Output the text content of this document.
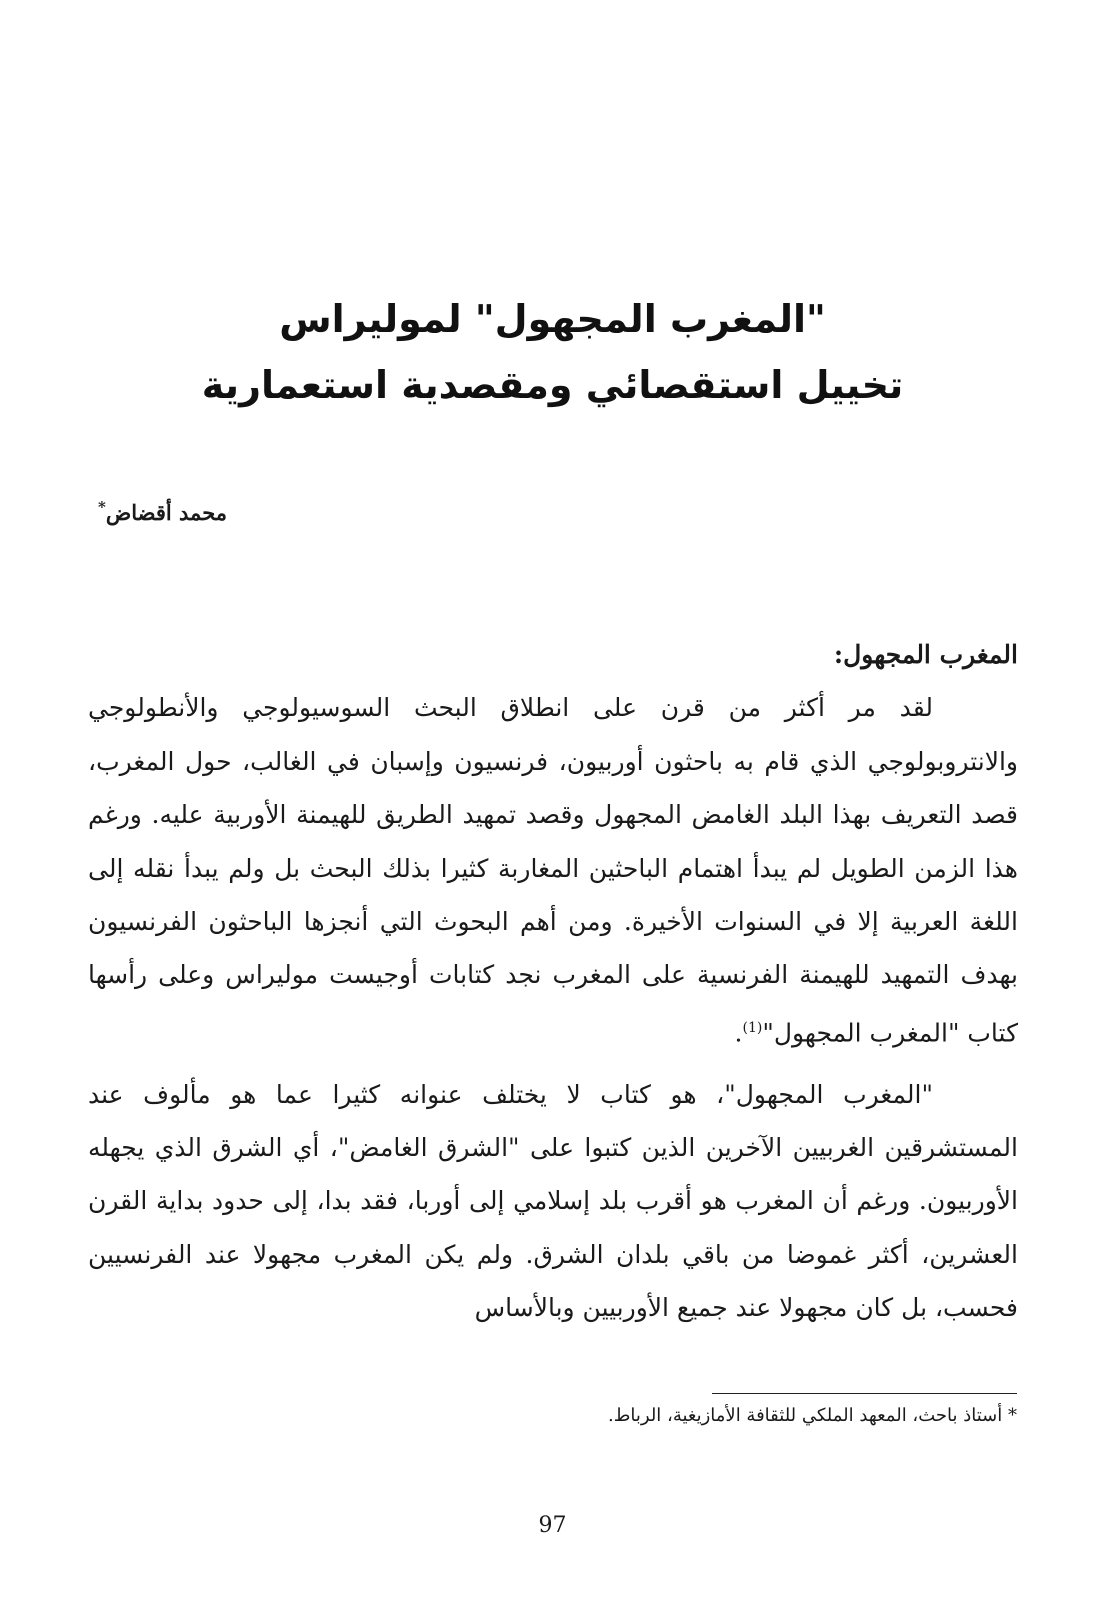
"المغرب المجهول" لموليراس
تخييل استقصائي ومقصدية استعمارية
محمد أقضاض*

المغرب المجهول:

لقد مر أكثر من قرن على انطلاق البحث السوسيولوجي والأنطولوجي والانتروبولوجي الذي قام به باحثون أوربيون، فرنسيون وإسبان في الغالب، حول المغرب، قصد التعريف بهذا البلد الغامض المجهول وقصد تمهيد الطريق للهيمنة الأوربية عليه. ورغم هذا الزمن الطويل لم يبدأ اهتمام الباحثين المغاربة كثيرا بذلك البحث بل ولم يبدأ نقله إلى اللغة العربية إلا في السنوات الأخيرة. ومن أهم البحوث التي أنجزها الباحثون الفرنسيون بهدف التمهيد للهيمنة الفرنسية على المغرب نجد كتابات أوجيست موليراس وعلى رأسها كتاب "المغرب المجهول"$^{(1)}$.

"المغرب المجهول"، هو كتاب لا يختلف عنوانه كثيرا عما هو مألوف عند المستشرقين الغربيين الآخرين الذين كتبوا على "الشرق الغامض"، أي الشرق الذي يجهله الأوربيون. ورغم أن المغرب هو أقرب بلد إسلامي إلى أوربا، فقد بدا، إلى حدود بداية القرن العشرين، أكثر غموضا من باقي بلدان الشرق. ولم يكن المغرب مجهولا عند الفرنسيين فحسب، بل كان مجهولا عند جميع الأوربيين وبالأساس

* أستاذ باحث، المعهد الملكي للثقافة الأمازيغية، الرباط.
97
